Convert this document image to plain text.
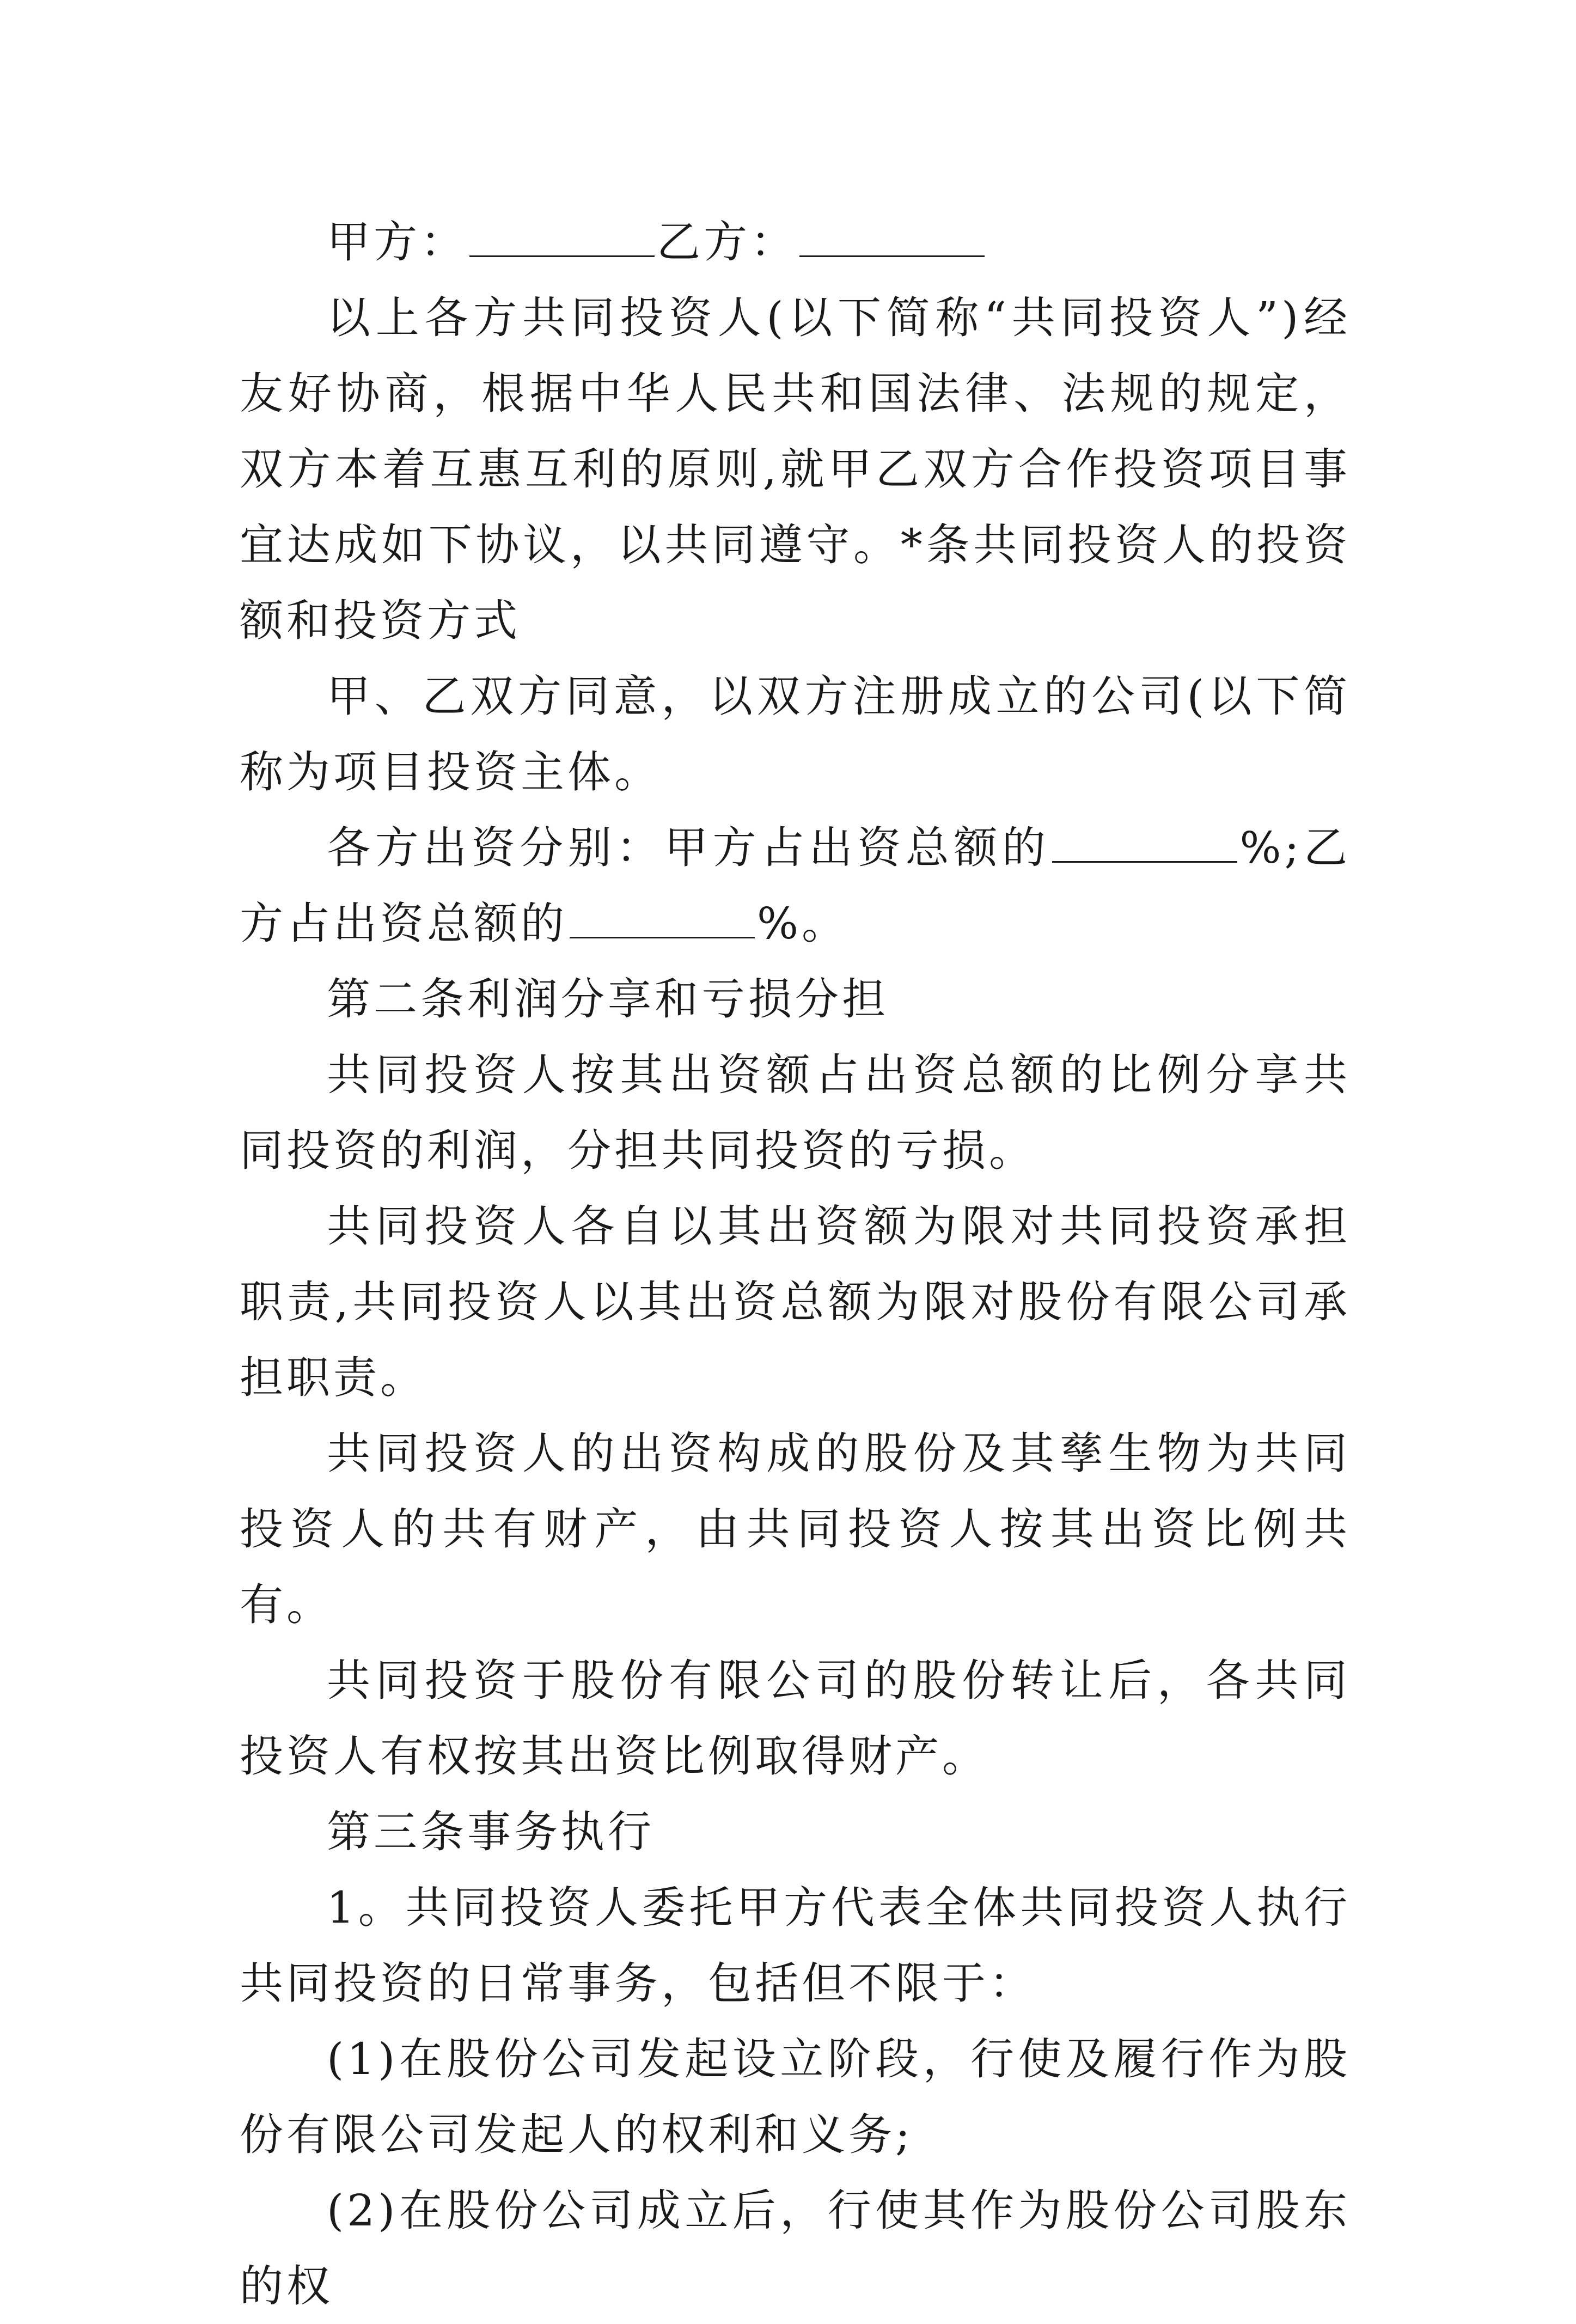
甲方：	乙方：

以上各方共同投资人(以下简称“共同投资人”)经友好协商，根据中华人民共和国法律、法规的规定，双方本着互惠互利的原则,就甲乙双方合作投资项目事宜达成如下协议，以共同遵守。*条共同投资人的投资额和投资方式

甲、乙双方同意，以双方注册成立的公司(以下简称为项目投资主体。

各方出资分别：甲方占出资总额的	%;乙方占出资总额的	%。

第二条利润分享和亏损分担

共同投资人按其出资额占出资总额的比例分享共同投资的利润，分担共同投资的亏损。

共同投资人各自以其出资额为限对共同投资承担职责,共同投资人以其出资总额为限对股份有限公司承担职责。

共同投资人的出资构成的股份及其孳生物为共同投资人的共有财产，由共同投资人按其出资比例共有。

共同投资于股份有限公司的股份转让后，各共同投资人有权按其出资比例取得财产。

第三条事务执行

1。共同投资人委托甲方代表全体共同投资人执行共同投资的日常事务，包括但不限于：

(1)在股份公司发起设立阶段，行使及履行作为股份有限公司发起人的权利和义务;

(2)在股份公司成立后，行使其作为股份公司股东的权
